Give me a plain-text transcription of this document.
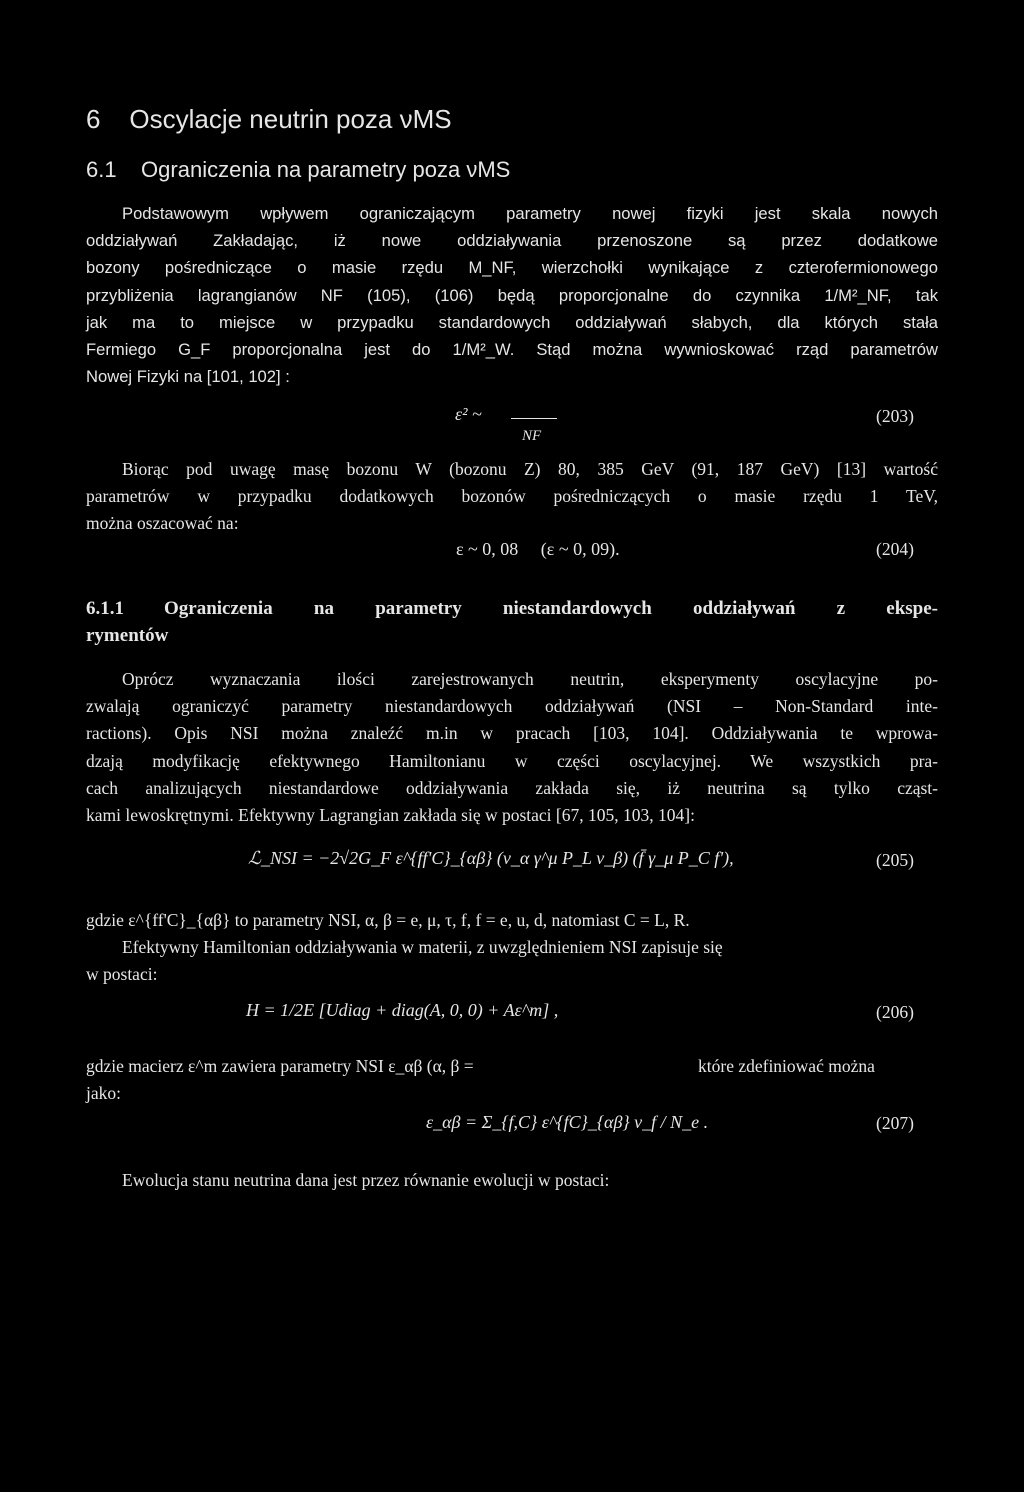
6 Oscylacje neutrin poza νMS
6.1 Ograniczenia na parametry poza νMS
Podstawowym wpływem ograniczającym parametry nowej fizyki jest skala nowych
oddziaływań Zakładając, iż nowe oddziaływania przenoszone są przez dodatkowe
bozony pośredniczące o masie rzędu M_NF, wierzchołki wynikające z czterofermionowego
przybliżenia lagrangianów NF (105), (106) będą proporcjonalne do czynnika 1/M²_NF, tak
jak ma to miejsce w przypadku standardowych oddziaływań słabych, dla których stała
Fermiego G_F proporcjonalna jest do 1/M²_W. Stąd można wywnioskować rząd parametrów
Nowej Fizyki na [101, 102] :
ε² ~
NF
(203)
Biorąc pod uwagę masę bozonu W (bozonu Z) 80, 385 GeV (91, 187 GeV) [13] wartość
parametrów w przypadku dodatkowych bozonów pośredniczących o masie rzędu 1 TeV,
można oszacować na:
ε ~ 0, 08     (ε ~ 0, 09).	(204)
6.1.1 Ograniczenia na parametry niestandardowych oddziaływań z ekspe-
rymentów
Oprócz wyznaczania ilości zarejestrowanych neutrin, eksperymenty oscylacyjne po-
zwalają ograniczyć parametry niestandardowych oddziaływań (NSI – Non-Standard inte-
ractions). Opis NSI można znaleźć m.in w pracach [103, 104]. Oddziaływania te wprowa-
dzają modyfikację efektywnego Hamiltonianu w części oscylacyjnej. We wszystkich pra-
cach analizujących niestandardowe oddziaływania zakłada się, iż neutrina są tylko cząst-
kami lewoskrętnymi. Efektywny Lagrangian zakłada się w postaci [67, 105, 103, 104]:
ℒ_NSI = −2√2G_F ε^{ff'C}_{αβ} (ν_α γ^μ P_L ν_β) (f̄ γ_μ P_C f'),	(205)
gdzie ε^{ff'C}_{αβ} to parametry NSI, α, β = e, μ, τ, f, f = e, u, d, natomiast C = L, R.
Efektywny Hamiltonian oddziaływania w materii, z uwzględnieniem NSI zapisuje się
w postaci:
H = 1/2E [Udiag + diag(A, 0, 0) + Aε^m] ,	(206)
gdzie macierz ε^m zawiera parametry NSI ε_αβ (α, β =	które zdefiniować można
jako:
ε_αβ = Σ_{f,C} ε^{fC}_{αβ} ν_f / N_e .	(207)
Ewolucja stanu neutrina dana jest przez równanie ewolucji w postaci:
